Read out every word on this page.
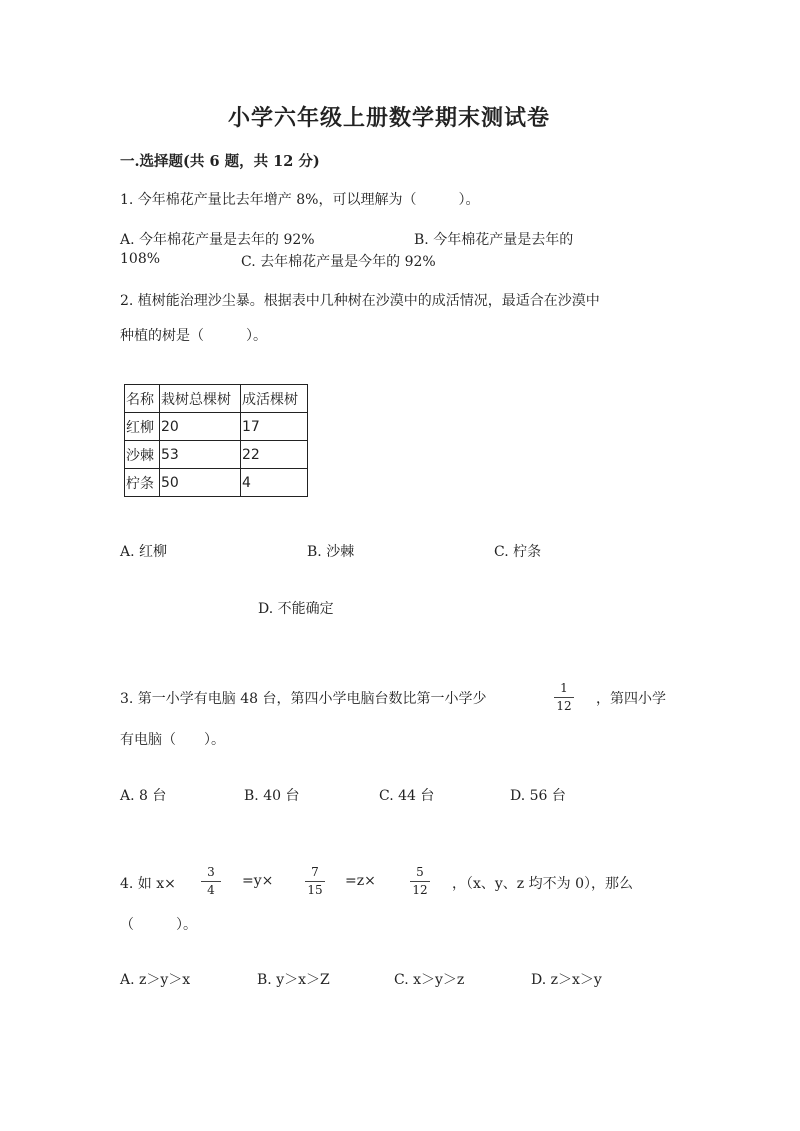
小学六年级上册数学期末测试卷
一.选择题(共 6 题，共 12 分)
1. 今年棉花产量比去年增产 8%，可以理解为（　　　）。
A. 今年棉花产量是去年的 92%	B. 今年棉花产量是去年的
108%	C. 去年棉花产量是今年的 92%
2. 植树能治理沙尘暴。根据表中几种树在沙漠中的成活情况，最适合在沙漠中
种植的树是（　　　）。
名称	栽树总棵树	成活棵树
红柳	20	17
沙棘	53	22
柠条	50	4
A. 红柳	B. 沙棘	C. 柠条
D. 不能确定
3. 第一小学有电脑 48 台，第四小学电脑台数比第一小学少
1
12	，第四小学
有电脑（　　）。
A. 8 台	B. 40 台	C. 44 台	D. 56 台
4. 如 x×
3
4
=y×
7
15
=z×
5
12	，（x、y、z 均不为 0），那么
（　　　）。
A. z＞y＞x	B. y＞x＞Z	C. x＞y＞z	D. z＞x＞y
